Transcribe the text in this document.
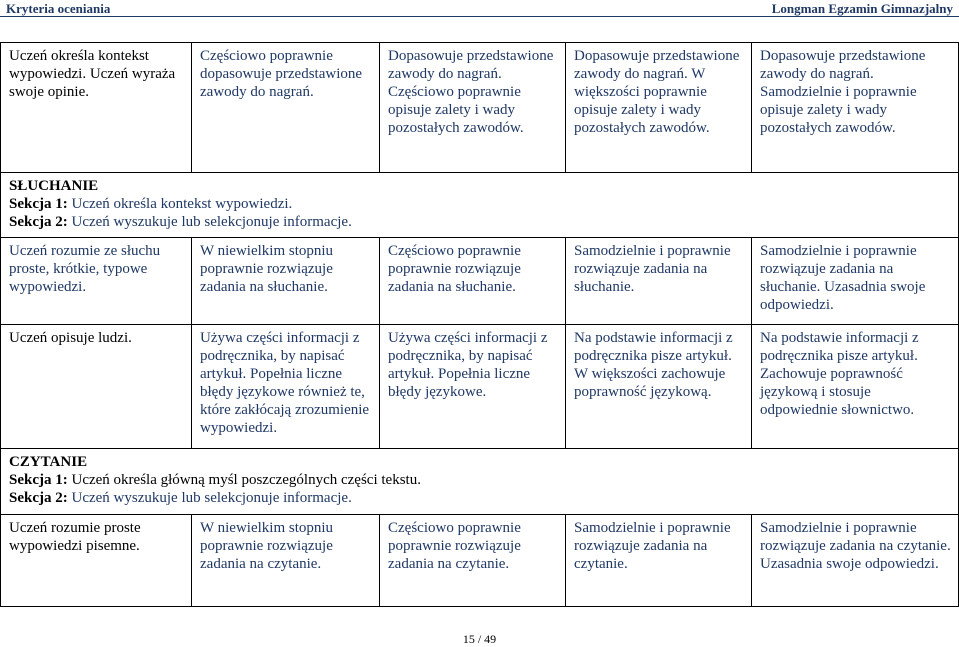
Kryteria oceniania	Longman Egzamin Gimnazjalny
Uczeń określa kontekst wypowiedzi. Uczeń wyraża swoje opinie.	Częściowo poprawnie dopasowuje przedstawione zawody do nagrań.	Dopasowuje przedstawione zawody do nagrań. Częściowo poprawnie opisuje zalety i wady pozostałych zawodów.	Dopasowuje przedstawione zawody do nagrań. W większości poprawnie opisuje zalety i wady pozostałych zawodów.	Dopasowuje przedstawione zawody do nagrań. Samodzielnie i poprawnie opisuje zalety i wady pozostałych zawodów.

SŁUCHANIE
Sekcja 1: Uczeń określa kontekst wypowiedzi.
Sekcja 2: Uczeń wyszukuje lub selekcjonuje informacje.				

Uczeń rozumie ze słuchu proste, krótkie, typowe wypowiedzi.	W niewielkim stopniu poprawnie rozwiązuje zadania na słuchanie.	Częściowo poprawnie poprawnie rozwiązuje zadania na słuchanie.	Samodzielnie i poprawnie rozwiązuje zadania na słuchanie.	Samodzielnie i poprawnie rozwiązuje zadania na słuchanie. Uzasadnia swoje odpowiedzi.
Uczeń opisuje ludzi.	Używa części informacji z podręcznika, by napisać artykuł. Popełnia liczne błędy językowe również te, które zakłócają zrozumienie wypowiedzi.	Używa części informacji z podręcznika, by napisać artykuł. Popełnia liczne błędy językowe.	Na podstawie informacji z podręcznika pisze artykuł. W większości zachowuje poprawność językową.	Na podstawie informacji z podręcznika pisze artykuł. Zachowuje poprawność językową i stosuje odpowiednie słownictwo.

CZYTANIE
Sekcja 1: Uczeń określa główną myśl poszczególnych części tekstu.
Sekcja 2: Uczeń wyszukuje lub selekcjonuje informacje.				

Uczeń rozumie proste wypowiedzi pisemne.	W niewielkim stopniu poprawnie rozwiązuje zadania na czytanie.	Częściowo poprawnie poprawnie rozwiązuje zadania na czytanie.	Samodzielnie i poprawnie rozwiązuje zadania na czytanie.	Samodzielnie i poprawnie rozwiązuje zadania na czytanie. Uzasadnia swoje odpowiedzi.
15 / 49
